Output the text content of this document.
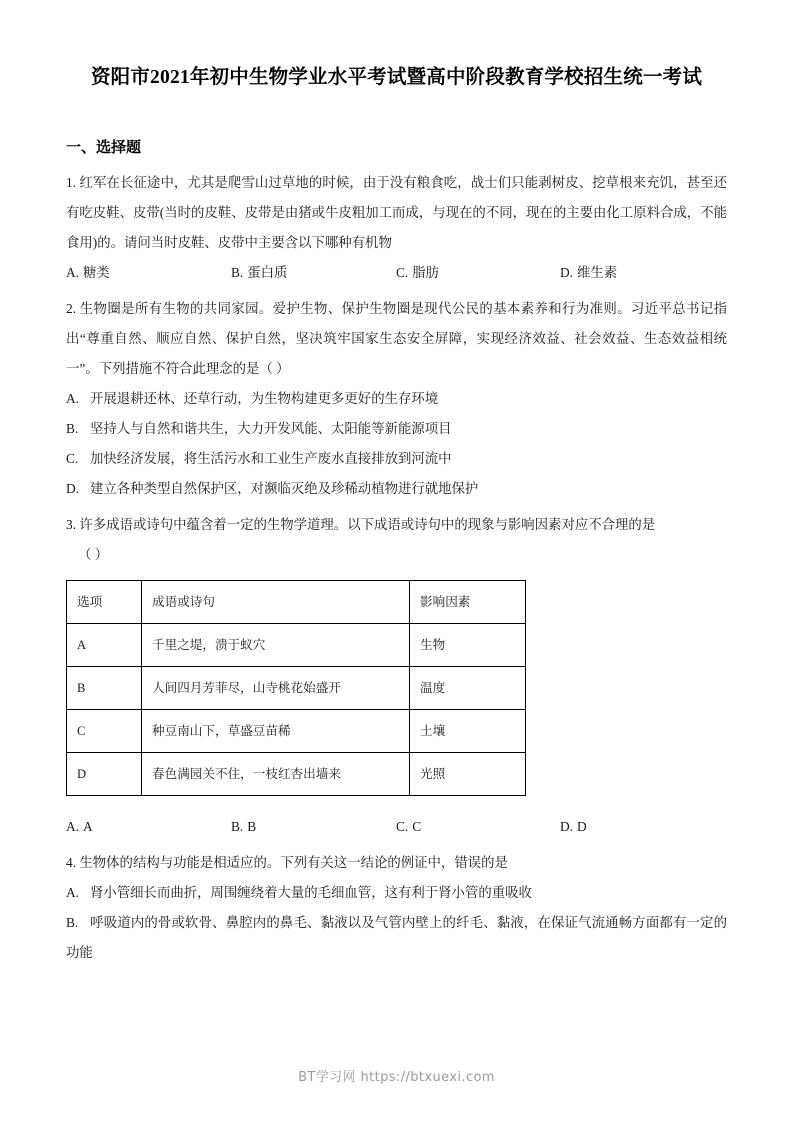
资阳市2021年初中生物学业水平考试暨高中阶段教育学校招生统一考试
一、选择题

1. 红军在长征途中，尤其是爬雪山过草地的时候，由于没有粮食吃，战士们只能剥树皮、挖草根来充饥，甚至还有吃皮鞋、皮带(当时的皮鞋、皮带是由猪或牛皮粗加工而成，与现在的不同，现在的主要由化工原料合成，不能食用)的。请问当时皮鞋、皮带中主要含以下哪种有机物

A. 糖类	B. 蛋白质	C. 脂肪	D. 维生素

2. 生物圈是所有生物的共同家园。爱护生物、保护生物圈是现代公民的基本素养和行为准则。习近平总书记指出“尊重自然、顺应自然、保护自然，坚决筑牢国家生态安全屏障，实现经济效益、社会效益、生态效益相统一”。下列措施不符合此理念的是（ ）

A. 开展退耕还林、还草行动，为生物构建更多更好的生存环境
B. 坚持人与自然和谐共生，大力开发风能、太阳能等新能源项目
C. 加快经济发展，将生活污水和工业生产废水直接排放到河流中
D. 建立各种类型自然保护区，对濒临灭绝及珍稀动植物进行就地保护

3. 许多成语或诗句中蕴含着一定的生物学道理。以下成语或诗句中的现象与影响因素对应不合理的是

（ ）

选项	成语或诗句	影响因素
A	千里之堤，溃于蚁穴	生物
B	人间四月芳菲尽，山寺桃花始盛开	温度
C	种豆南山下，草盛豆苗稀	土壤
D	春色满园关不住，一枝红杏出墙来	光照
A. A	B. B	C. C	D. D

4. 生物体的结构与功能是相适应的。下列有关这一结论的例证中，错误的是

A. 肾小管细长而曲折，周围缠绕着大量的毛细血管，这有利于肾小管的重吸收
B. 呼吸道内的骨或软骨、鼻腔内的鼻毛、黏液以及气管内壁上的纤毛、黏液，在保证气流通畅方面都有一定的功能
BT学习网 https://btxuexi.com
